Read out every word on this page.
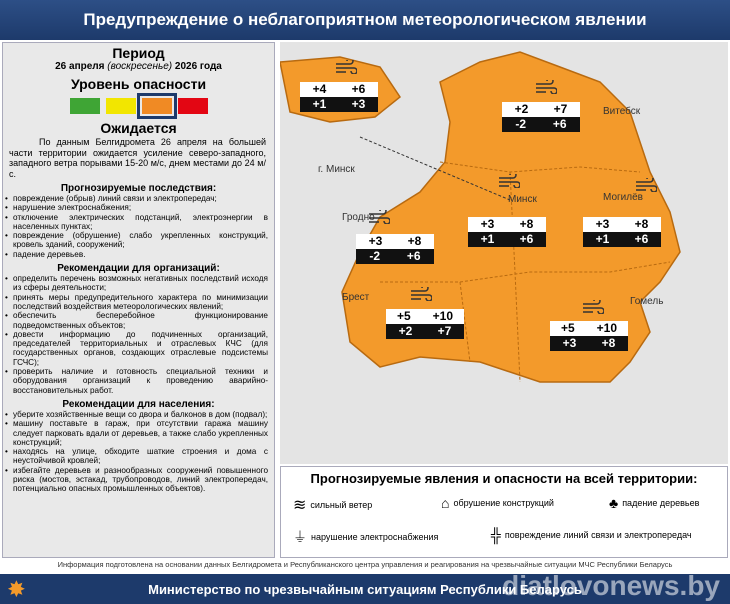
Предупреждение о неблагоприятном метеорологическом явлении
Период
26 апреля (воскресенье) 2026 года
Уровень опасности
Ожидается
По данным Белгидромета 26 апреля на большей части территории ожидается усиление северо-западного, западного ветра порывами 15-20 м/с, днем местами до 24 м/с.
Прогнозируемые последствия:
• повреждение (обрыв) линий связи и электропередач;
• нарушение электроснабжения;
• отключение электрических подстанций, электроэнергии в населенных пунктах;
• повреждение (обрушение) слабо укрепленных конструкций, кровель зданий, сооружений;
• падение деревьев.
Рекомендации для организаций:
• определить перечень возможных негативных последствий исходя из сферы деятельности;
• принять меры предупредительного характера по минимизации последствий воздействия метеорологических явлений;
• обеспечить бесперебойное функционирование подведомственных объектов;
• довести информацию до подчиненных организаций, председателей территориальных и отраслевых КЧС (для государственных органов, создающих отраслевые подсистемы ГСЧС);
• проверить наличие и готовность специальной техники и оборудования организаций к проведению аварийно-восстановительных работ.
Рекомендации для населения:
• уберите хозяйственные вещи со двора и балконов в дом (подвал);
• машину поставьте в гараж, при отсутствии гаража машину следует парковать вдали от деревьев, а также слабо укрепленных конструкций;
• находясь на улице, обходите шаткие строения и дома с неустойчивой кровлей;
• избегайте деревьев и разнообразных сооружений повышенного риска (мостов, эстакад, трубопроводов, линий электропередач, потенциально опасных промышленных объектов).
г. Минск
Витебск
Минск	Могилёв
Гродно
Брест	Гомель
+4 +6
+1 +3	+2 +7
-2 +6
+3 +8
+1 +6
+3 +8
+1 +6
+3 +8
-2 +6
+5 +10
+2 +7	+5 +10
+3 +8
Прогнозируемые явления и опасности на всей территории:
≋ сильный ветер	⌂ обрушение конструкций	♣ падение деревьев
⏚ нарушение электроснабжения	╬ повреждение линий связи и электропередач
Информация подготовлена на основании данных Белгидромета и Республиканского центра управления и реагирования на чрезвычайные ситуации МЧС Республики Беларусь
✸	Министерство по чрезвычайным ситуациям Республики Беларусь
diatlovonews.by
